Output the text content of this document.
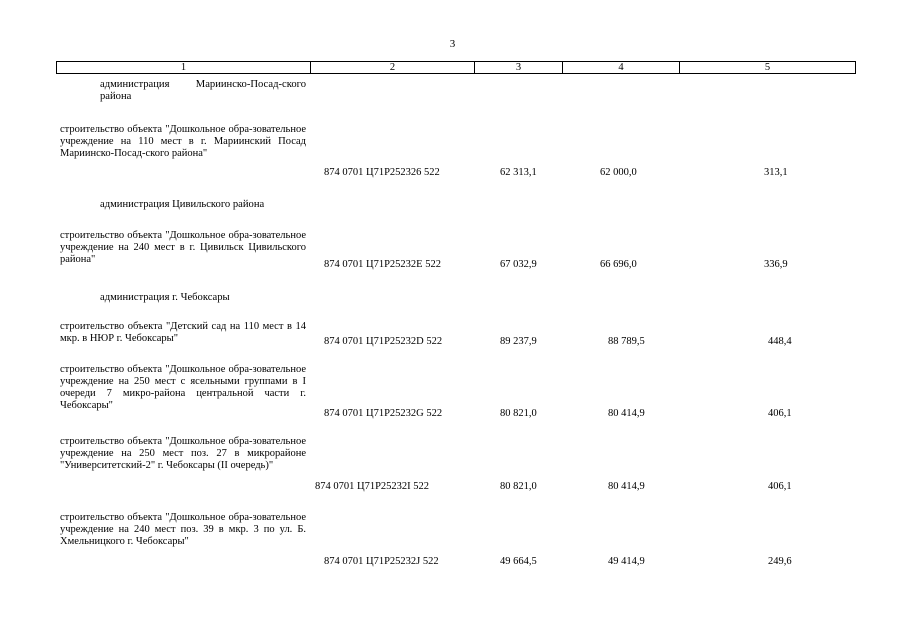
3
1	2	3	4	5
администрация Мариинско-Посад-ского района
строительство объекта "Дошкольное обра-зовательное учреждение на 110 мест в г. Мариинский Посад Мариинско-Посад-ского района"
874 0701 Ц71Р252326 522	62 313,1	62 000,0	313,1
администрация Цивильского района
строительство объекта "Дошкольное обра-зовательное учреждение на 240 мест в г. Цивильск Цивильского района"	874 0701 Ц71Р25232Е 522	67 032,9	66 696,0	336,9
администрация г. Чебоксары
строительство объекта "Детский сад на 110 мест в 14 мкр. в НЮР г. Чебоксары"	874 0701 Ц71Р25232D 522	89 237,9	88 789,5	448,4
строительство объекта "Дошкольное обра-зовательное учреждение на 250 мест с ясельными группами в I очереди 7 микро-района центральной части г. Чебоксары"
874 0701 Ц71Р25232G 522	80 821,0	80 414,9	406,1
строительство объекта "Дошкольное обра-зовательное учреждение на 250 мест поз. 27 в микрорайоне "Университетский-2" г. Чебоксары (II очередь)"
874 0701 Ц71Р25232I 522	80 821,0	80 414,9	406,1
строительство объекта "Дошкольное обра-зовательное учреждение на 240 мест поз. 39 в мкр. 3 по ул. Б. Хмельницкого г. Чебоксары"
874 0701 Ц71Р25232J 522	49 664,5	49 414,9	249,6
